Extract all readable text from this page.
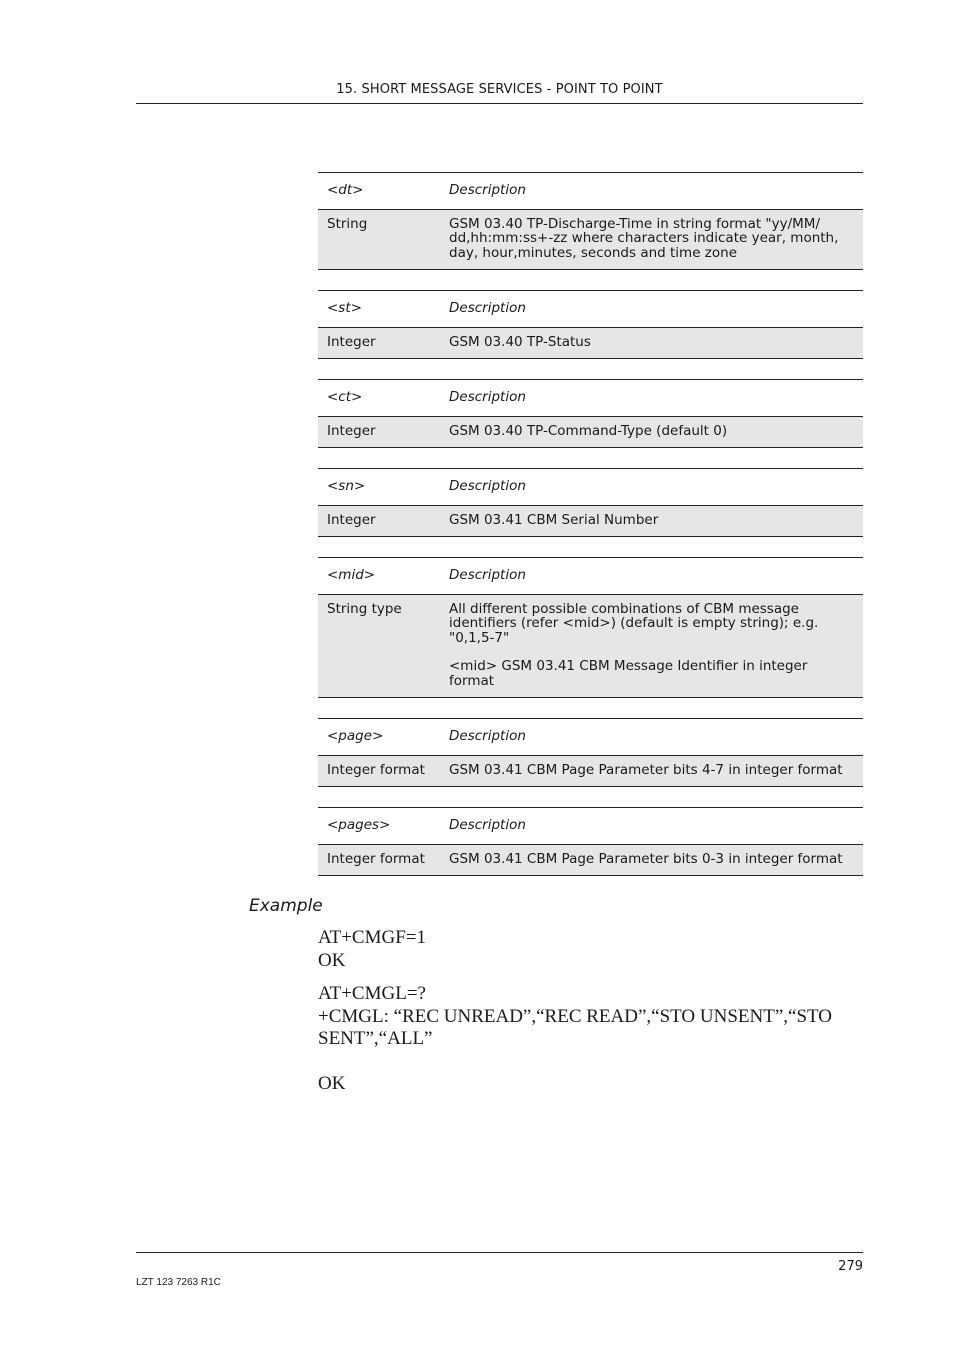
15. SHORT MESSAGE SERVICES - POINT TO POINT
<dt>	Description
String	GSM 03.40 TP-Discharge-Time in string format "yy/MM/ dd,hh:mm:ss+-zz where characters indicate year, month, day, hour,minutes, seconds and time zone
<st>	Description
Integer	GSM 03.40 TP-Status
<ct>	Description
Integer	GSM 03.40 TP-Command-Type (default 0)
<sn>	Description
Integer	GSM 03.41 CBM Serial Number
<mid>	Description
String type	All different possible combinations of CBM message identifiers (refer <mid>) (default is empty string); e.g. "0,1,5-7"
<mid> GSM 03.41 CBM Message Identifier in integer format
<page>	Description
Integer format	GSM 03.41 CBM Page Parameter bits 4-7 in integer format
<pages>	Description
Integer format	GSM 03.41 CBM Page Parameter bits 0-3 in integer format
Example
AT+CMGF=1
OK
AT+CMGL=?
+CMGL: “REC UNREAD”,“REC READ”,“STO UNSENT”,“STO SENT”,“ALL”
OK
279
LZT 123 7263 R1C
